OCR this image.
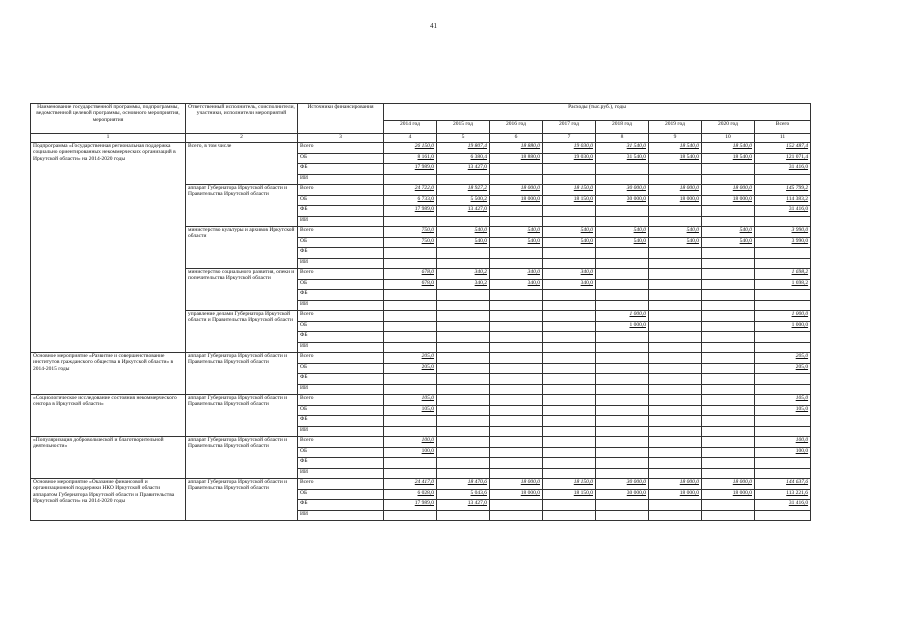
41
Наименование государственной программы, подпрограммы, ведомственной целевой программы, основного мероприятия, мероприятия	Ответственный исполнитель, соисполнители, участники, исполнители мероприятий	Источники финансирования	Расходы (тыс.руб.), годы							
			2014 год	2015 год	2016 год	2017 год	2018 год	2019 год	2020 год	Всего
1	2	3	4	5	6	7	8	9	10	11
Подпрограмма «Государственная региональная поддержка социально ориентированных некоммерческих организаций в Иркутской области» на 2014-2020 годы	Всего, в том числе	Всего	26 150,0	19 807,4	18 880,0	19 030,0	31 540,0	18 540,0	18 540,0	152 487,4
		ОБ	8 161,0	6 380,4	18 880,0	19 030,0	31 540,0	18 540,0	18 540,0	121 071,4
		ФБ	17 989,0	13 427,0						31 416,0
		ИИ								
	аппарат Губернатора Иркутской области и Правительства Иркутской области	Всего	24 722,0	18 927,2	18 000,0	18 150,0	30 000,0	18 000,0	18 000,0	145 799,2
		ОБ	6 733,0	5 500,2	18 000,0	18 150,0	30 000,0	18 000,0	18 000,0	114 383,2
		ФБ	17 989,0	13 427,0						31 416,0
		ИИ								
	министерство культуры и архивов Иркутской области	Всего	750,0	540,0	540,0	540,0	540,0	540,0	540,0	3 990,0
		ОБ	750,0	540,0	540,0	540,0	540,0	540,0	540,0	3 990,0
		ФБ								
		ИИ								
	министерство социального развития, опеки и попечительства Иркутской области	Всего	678,0	340,2	340,0	340,0				1 698,2
		ОБ	678,0	340,2	340,0	340,0				1 698,2
		ФБ								
		ИИ								
	управление делами Губернатора Иркутской области и Правительства Иркутской области	Всего					1 000,0			1 000,0
		ОБ					1 000,0			1 000,0
		ФБ								
		ИИ								
Основное мероприятие «Развитие и совершенствование институтов гражданского общества в Иркутской области» в 2014-2015 годы	аппарат Губернатора Иркутской области и Правительства Иркутской области	Всего	205,0							205,0
		ОБ	205,0							205,0
		ФБ								
		ИИ								
«Социологическое исследование состояния некоммерческого сектора в Иркутской области»	аппарат Губернатора Иркутской области и Правительства Иркутской области	Всего	105,0							105,0
		ОБ	105,0							105,0
		ФБ								
		ИИ								
«Популяризация добровольческой и благотворительной деятельности»	аппарат Губернатора Иркутской области и Правительства Иркутской области	Всего	100,0							100,0
		ОБ	100,0							100,0
		ФБ								
		ИИ								
Основное мероприятие «Оказание финансовой и организационной поддержки НКО Иркутской области аппаратом Губернатора Иркутской области и Правительства Иркутской области» на 2014-2020 годы	аппарат Губернатора Иркутской области и Правительства Иркутской области	Всего	24 417,0	18 470,6	18 000,0	18 150,0	30 000,0	18 000,0	18 000,0	144 637,6
		ОБ	6 028,0	5 043,6	18 000,0	18 150,0	30 000,0	18 000,0	18 000,0	113 221,6
		ФБ	17 989,0	13 427,0						31 416,0
		ИИ								
